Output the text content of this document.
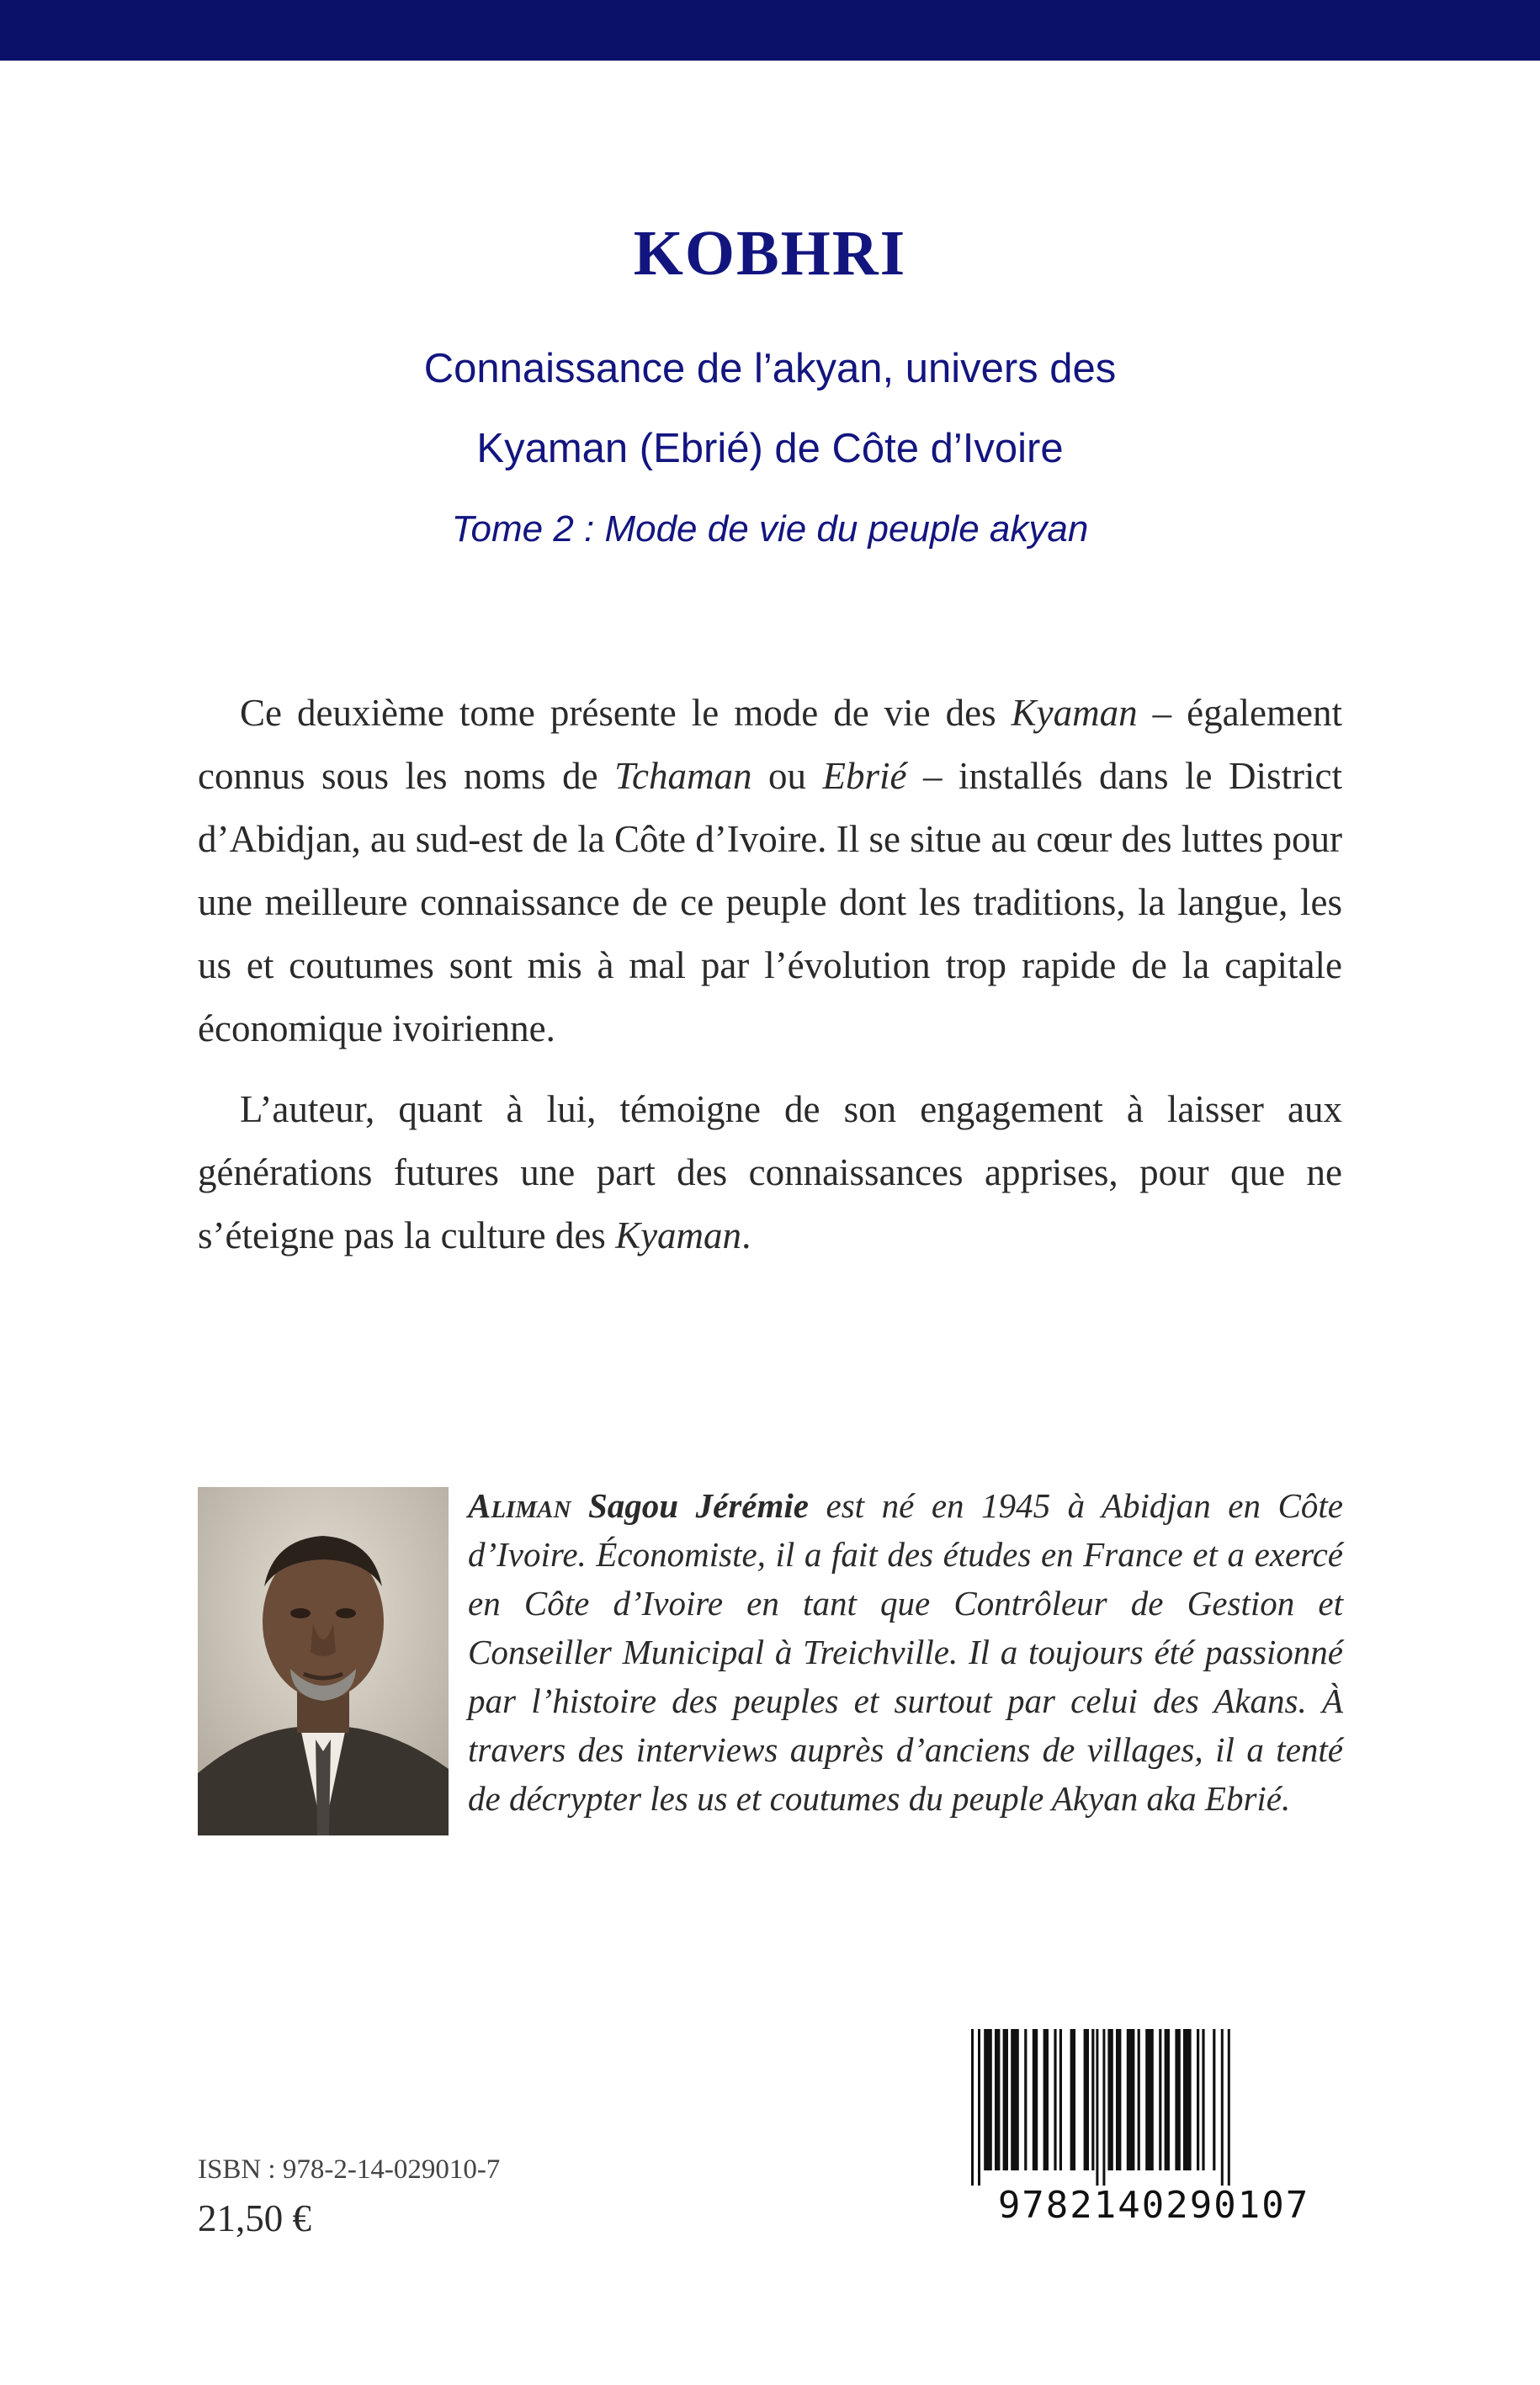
KOBHRI
Connaissance de l’akyan, univers des
Kyaman (Ebrié) de Côte d’Ivoire
Tome 2 : Mode de vie du peuple akyan
Ce deuxième tome présente le mode de vie des Kyaman – également connus sous les noms de Tchaman ou Ebrié – installés dans le District d’Abidjan, au sud-est de la Côte d’Ivoire. Il se situe au cœur des luttes pour une meilleure connaissance de ce peuple dont les traditions, la langue, les us et coutumes sont mis à mal par l’évolution trop rapide de la capitale économique ivoirienne.
L’auteur, quant à lui, témoigne de son engagement à laisser aux générations futures une part des connaissances apprises, pour que ne s’éteigne pas la culture des Kyaman.
Aliman Sagou Jérémie est né en 1945 à Abidjan en Côte d’Ivoire. Économiste, il a fait des études en France et a exercé en Côte d’Ivoire en tant que Contrôleur de Gestion et Conseiller Municipal à Treichville. Il a toujours été passionné par l’histoire des peuples et surtout par celui des Akans. À travers des interviews auprès d’anciens de villages, il a tenté de décrypter les us et coutumes du peuple Akyan aka Ebrié.
ISBN : 978-2-14-029010-7
21,50 €	9782140290107
